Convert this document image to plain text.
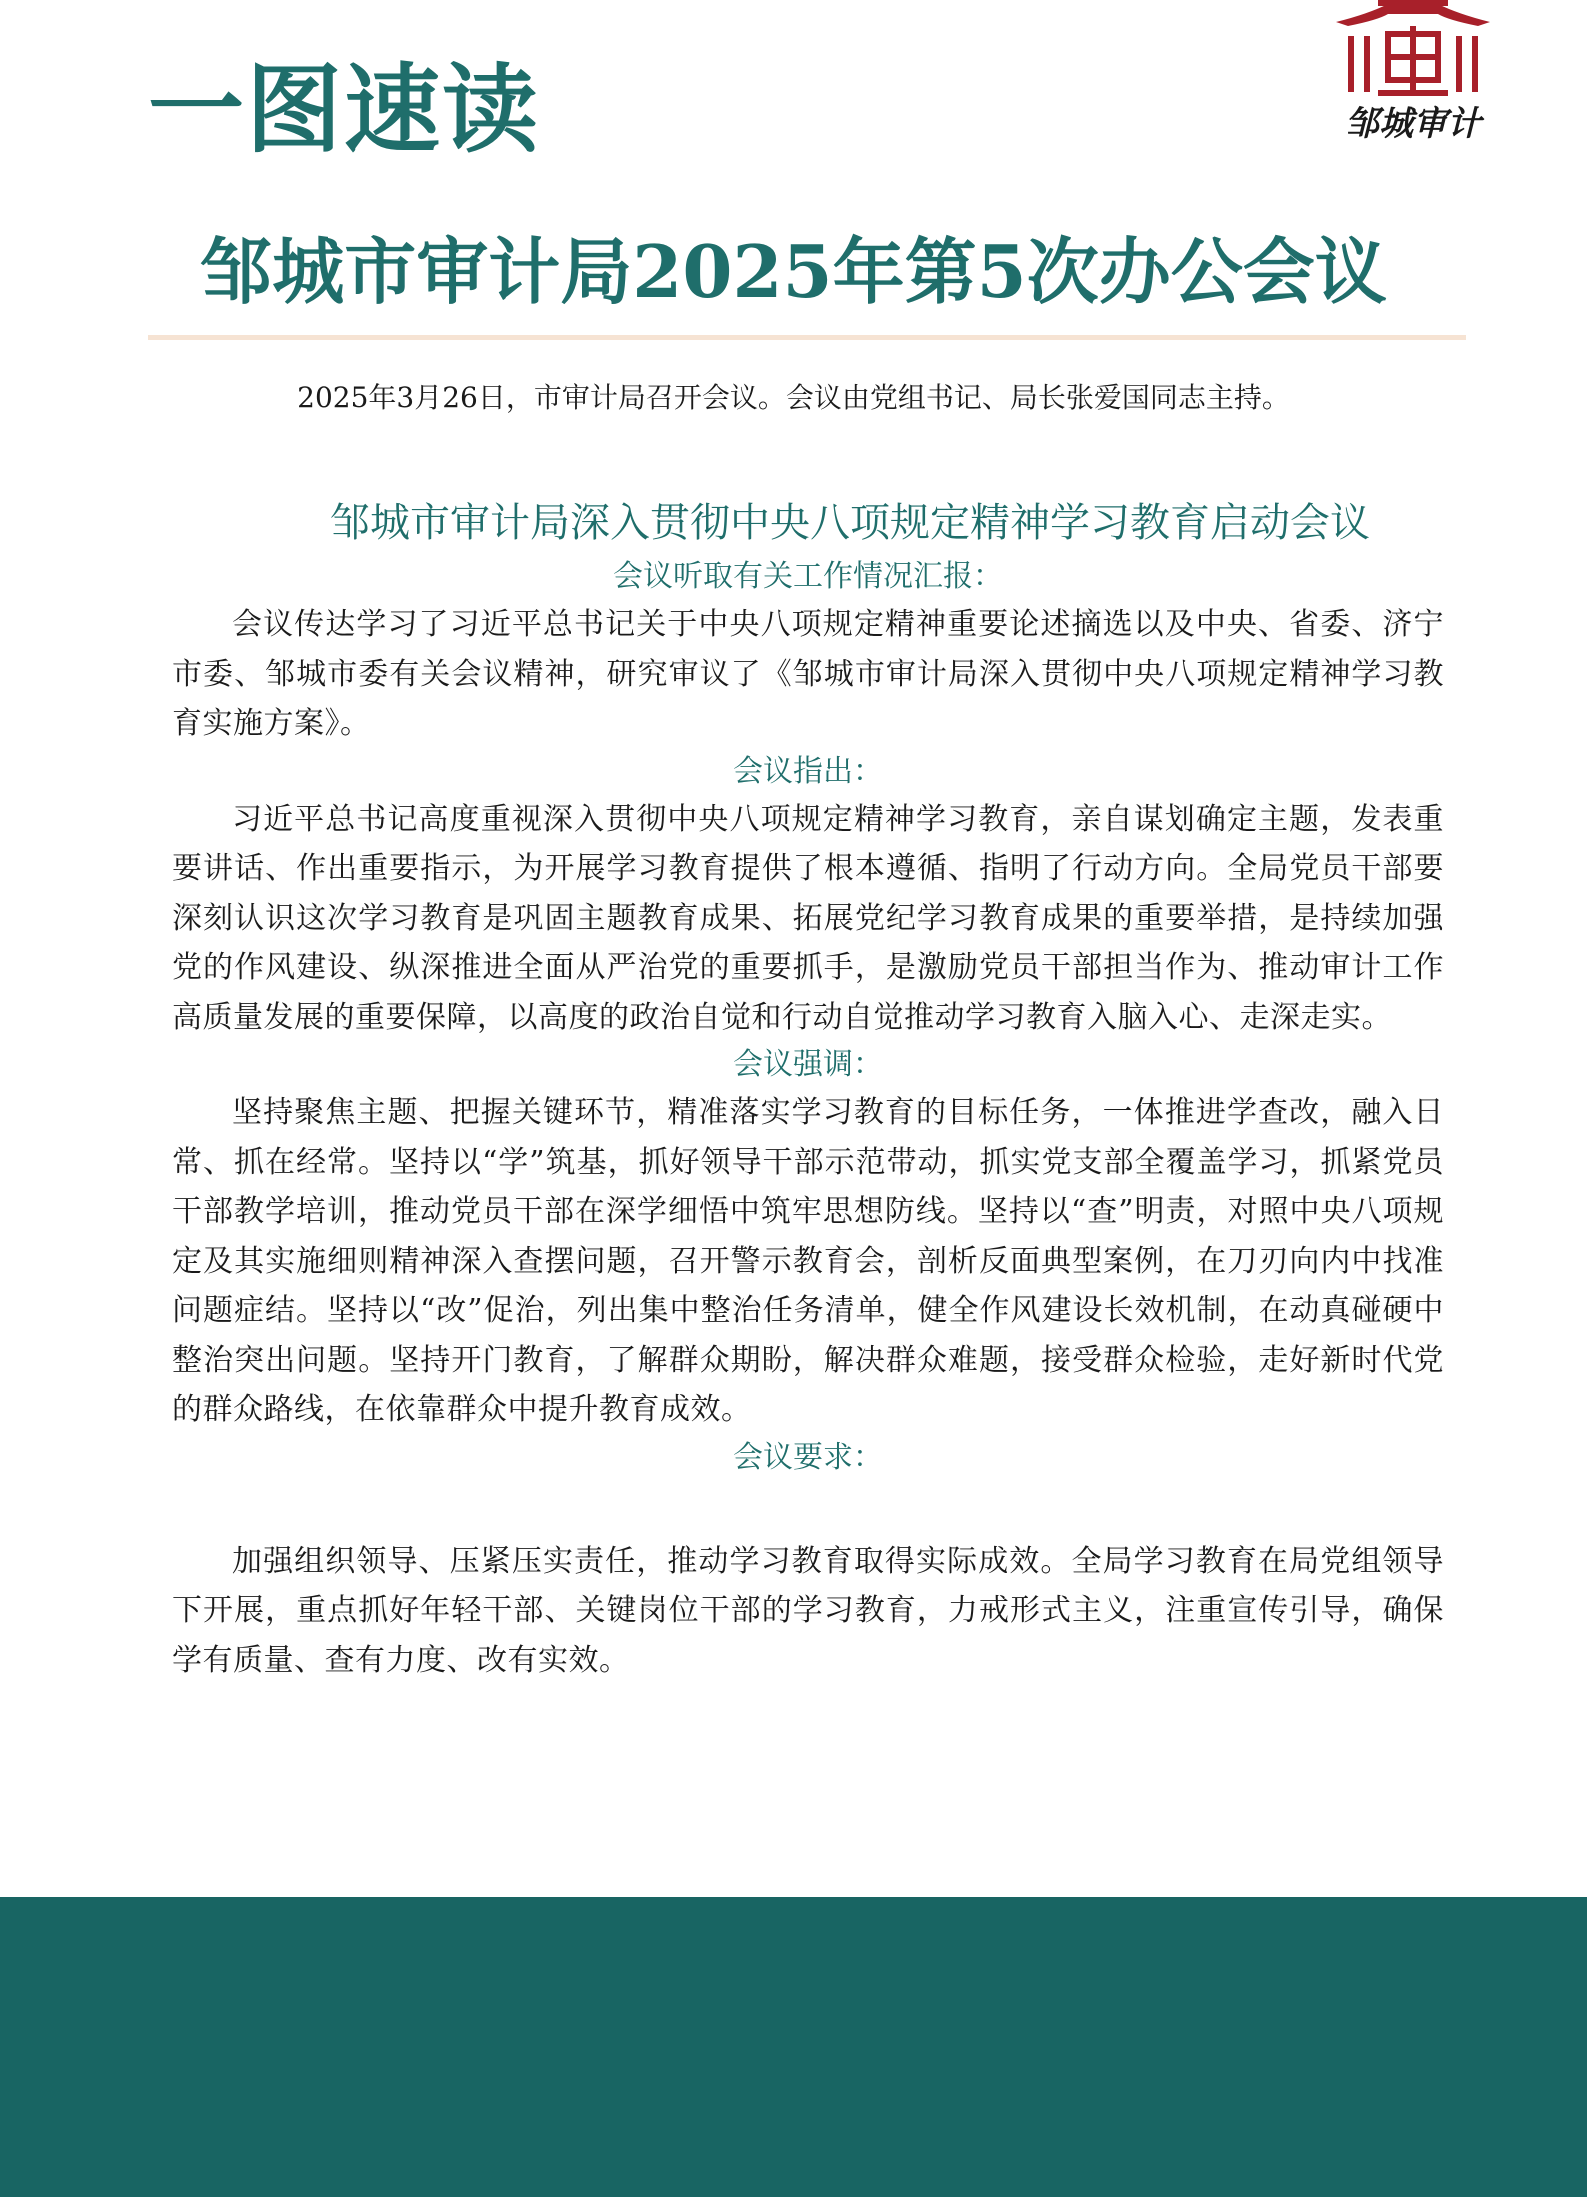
一图速读	邹城审计
邹城市审计局2025年第5次办公会议
2025年3月26日，市审计局召开会议。会议由党组书记、局长张爱国同志主持。
邹城市审计局深入贯彻中央八项规定精神学习教育启动会议

会议听取有关工作情况汇报：

会议传达学习了习近平总书记关于中央八项规定精神重要论述摘选以及中央、省委、济宁市委、邹城市委有关会议精神，研究审议了《邹城市审计局深入贯彻中央八项规定精神学习教育实施方案》。

会议指出：

习近平总书记高度重视深入贯彻中央八项规定精神学习教育，亲自谋划确定主题，发表重要讲话、作出重要指示，为开展学习教育提供了根本遵循、指明了行动方向。全局党员干部要深刻认识这次学习教育是巩固主题教育成果、拓展党纪学习教育成果的重要举措，是持续加强党的作风建设、纵深推进全面从严治党的重要抓手，是激励党员干部担当作为、推动审计工作高质量发展的重要保障，以高度的政治自觉和行动自觉推动学习教育入脑入心、走深走实。

会议强调：

坚持聚焦主题、把握关键环节，精准落实学习教育的目标任务，一体推进学查改，融入日常、抓在经常。坚持以“学”筑基，抓好领导干部示范带动，抓实党支部全覆盖学习，抓紧党员干部教学培训，推动党员干部在深学细悟中筑牢思想防线。坚持以“查”明责，对照中央八项规定及其实施细则精神深入查摆问题，召开警示教育会，剖析反面典型案例，在刀刃向内中找准问题症结。坚持以“改”促治，列出集中整治任务清单，健全作风建设长效机制，在动真碰硬中整治突出问题。坚持开门教育，了解群众期盼，解决群众难题，接受群众检验，走好新时代党的群众路线，在依靠群众中提升教育成效。

会议要求：

加强组织领导、压紧压实责任，推动学习教育取得实际成效。全局学习教育在局党组领导下开展，重点抓好年轻干部、关键岗位干部的学习教育，力戒形式主义，注重宣传引导，确保学有质量、查有力度、改有实效。
